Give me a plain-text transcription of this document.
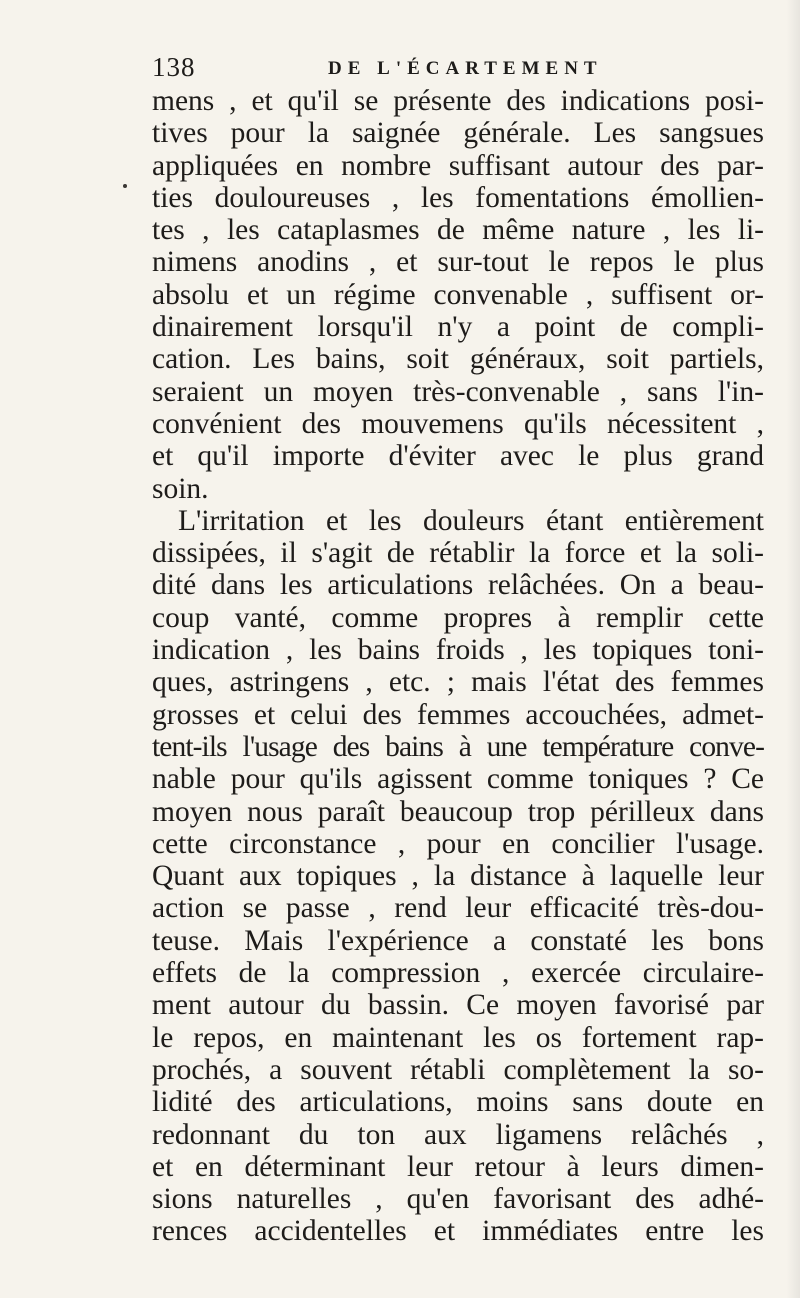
138	DE L'ÉCARTEMENT
mens , et qu'il se présente des indications posi-
tives pour la saignée générale. Les sangsues
appliquées en nombre suffisant autour des par-
ties douloureuses , les fomentations émollien-
tes , les cataplasmes de même nature , les li-
nimens anodins , et sur-tout le repos le plus
absolu et un régime convenable , suffisent or-
dinairement lorsqu'il n'y a point de compli-
cation. Les bains, soit généraux, soit partiels,
seraient un moyen très-convenable , sans l'in-
convénient des mouvemens qu'ils nécessitent ,
et qu'il importe d'éviter avec le plus grand
soin.
L'irritation et les douleurs étant entièrement
dissipées, il s'agit de rétablir la force et la soli-
dité dans les articulations relâchées. On a beau-
coup vanté, comme propres à remplir cette
indication , les bains froids , les topiques toni-
ques, astringens , etc. ; mais l'état des femmes
grosses et celui des femmes accouchées, admet-
tent-ils l'usage des bains à une température conve-
nable pour qu'ils agissent comme toniques ? Ce
moyen nous paraît beaucoup trop périlleux dans
cette circonstance , pour en concilier l'usage.
Quant aux topiques , la distance à laquelle leur
action se passe , rend leur efficacité très-dou-
teuse. Mais l'expérience a constaté les bons
effets de la compression , exercée circulaire-
ment autour du bassin. Ce moyen favorisé par
le repos, en maintenant les os fortement rap-
prochés, a souvent rétabli complètement la so-
lidité des articulations, moins sans doute en
redonnant du ton aux ligamens relâchés ,
et en déterminant leur retour à leurs dimen-
sions naturelles , qu'en favorisant des adhé-
rences accidentelles et immédiates entre les
